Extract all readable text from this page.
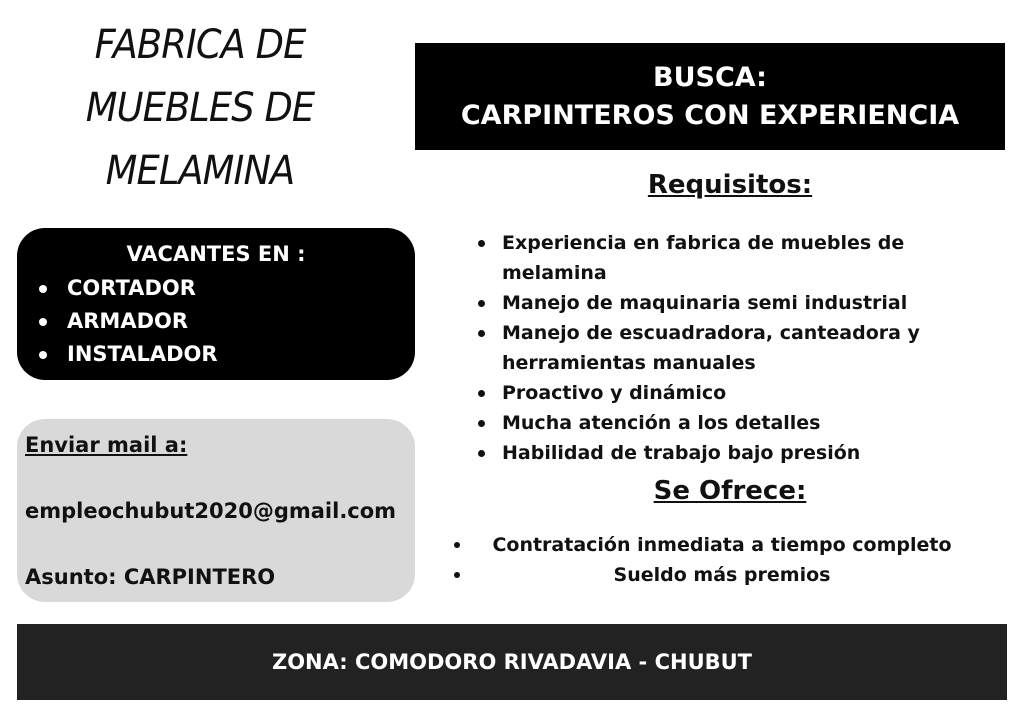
FABRICA DE
MUEBLES DE
MELAMINA
BUSCA:
CARPINTEROS CON EXPERIENCIA
VACANTES EN :
CORTADOR
ARMADOR
INSTALADOR
Enviar mail a:
empleochubut2020@gmail.com
Asunto: CARPINTERO
Requisitos:
Experiencia en fabrica de muebles de melamina
Manejo de maquinaria semi industrial
Manejo de escuadradora, canteadora y herramientas manuales
Proactivo y dinámico
Mucha atención a los detalles
Habilidad de trabajo bajo presión
Se Ofrece:
Contratación inmediata a tiempo completo
Sueldo más premios
ZONA: COMODORO RIVADAVIA - CHUBUT
